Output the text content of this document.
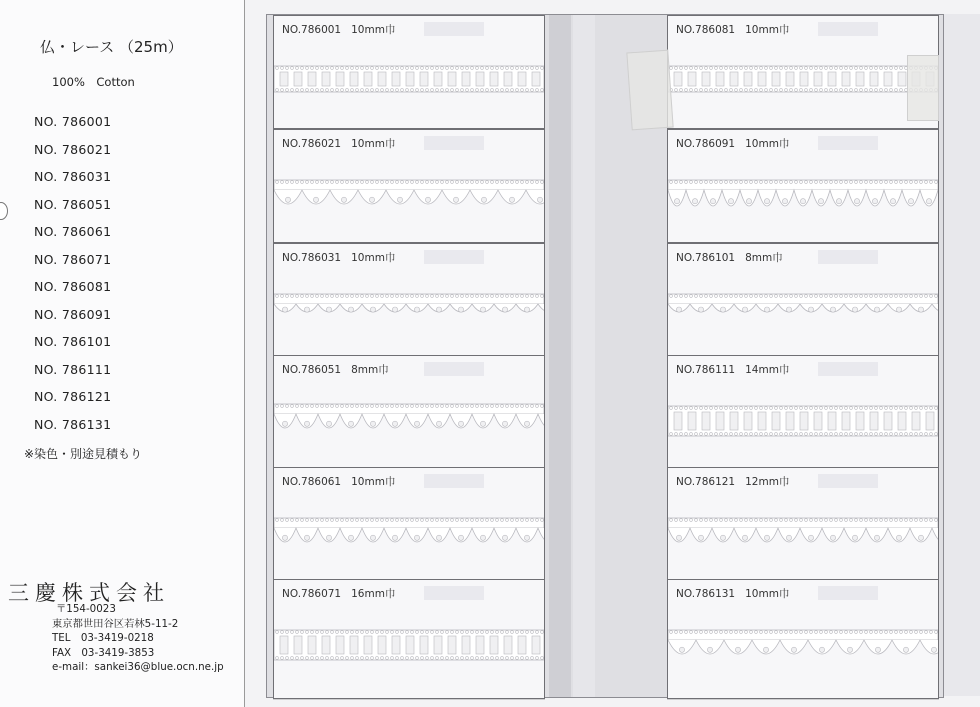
仏・レース （25m）
100%　Cotton
NO. 786001
NO. 786021
NO. 786031
NO. 786051
NO. 786061
NO. 786071
NO. 786081
NO. 786091
NO. 786101
NO. 786111
NO. 786121
NO. 786131
※染色・別途見積もり
三慶株式会社
〒154-0023
東京都世田谷区若林5-11-2
TEL　03-3419-0218
FAX　03-3419-3853
e-mail：sankei36@blue.ocn.ne.jp
NO.786001 10mm巾
NO.786021 10mm巾
NO.786031 10mm巾
NO.786051 8mm巾
NO.786061 10mm巾
NO.786071 16mm巾
NO.786081 10mm巾
NO.786091 10mm巾
NO.786101 8mm巾
NO.786111 14mm巾
NO.786121 12mm巾
NO.786131 10mm巾
